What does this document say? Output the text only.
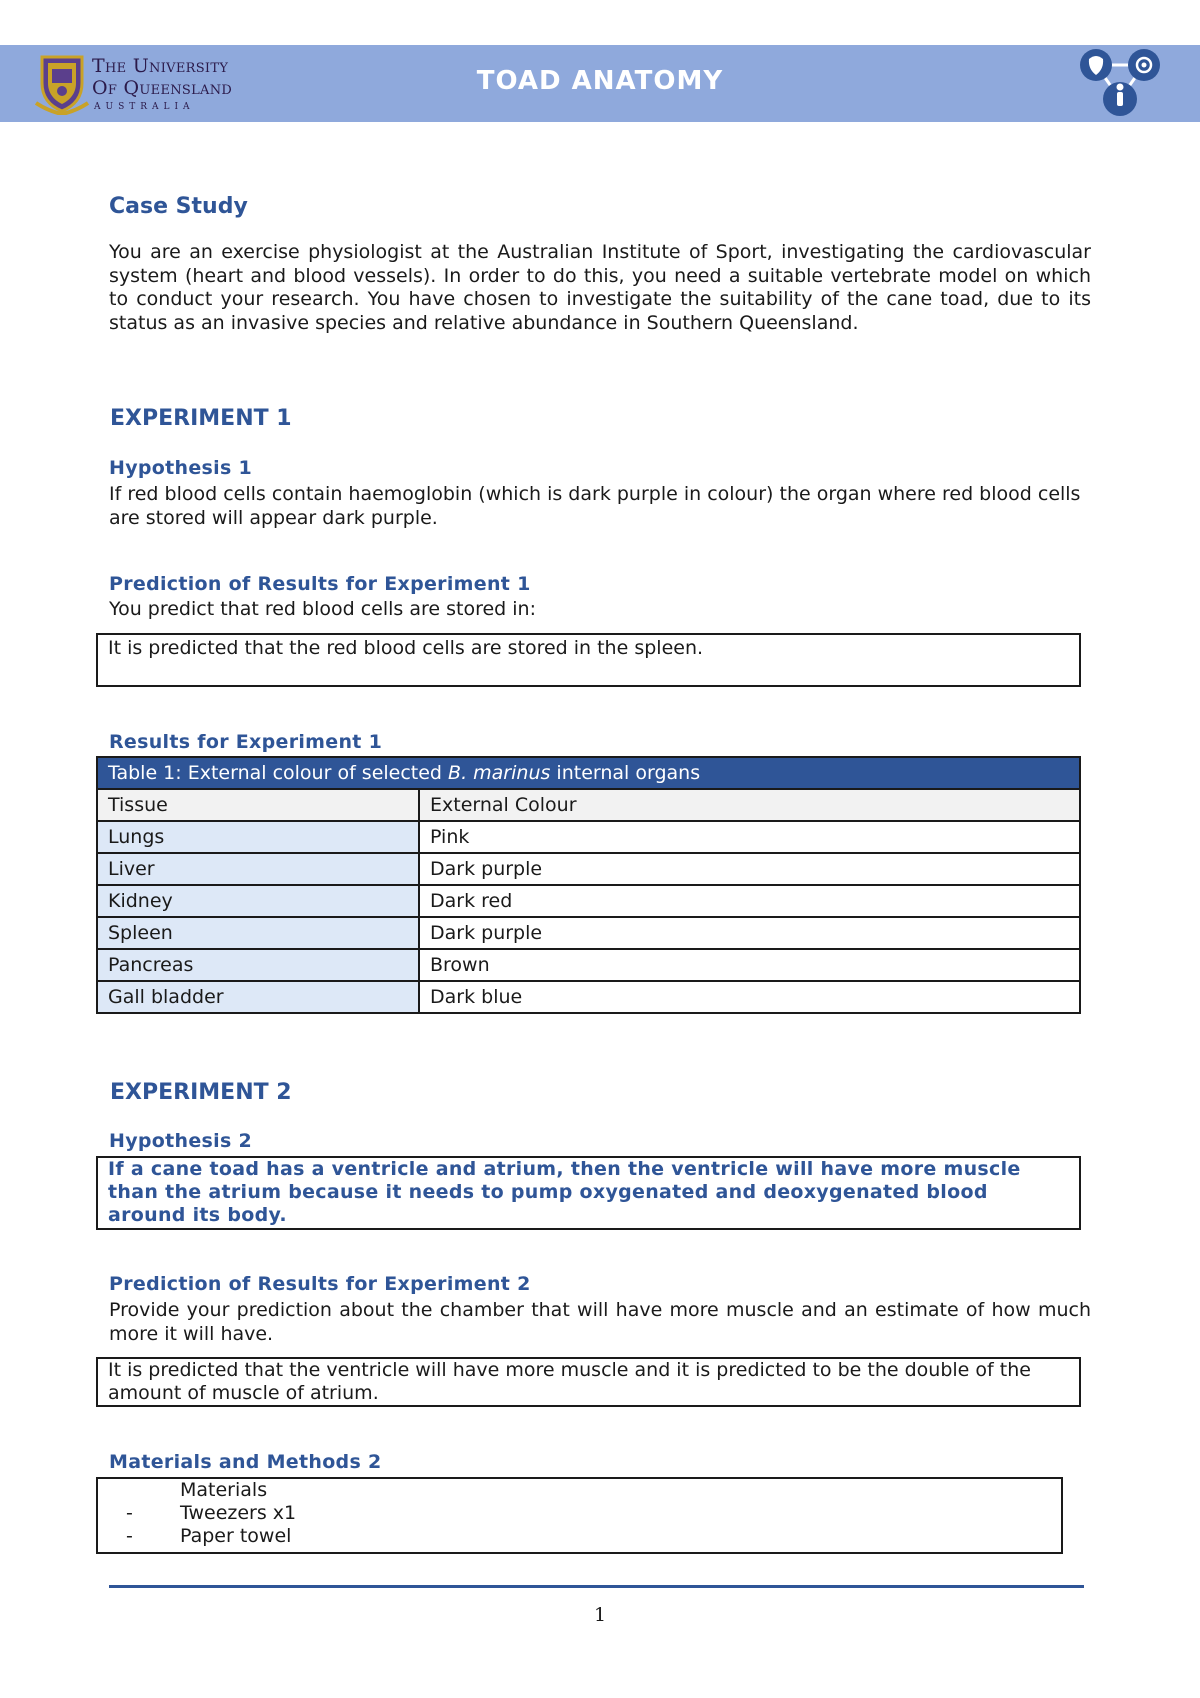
The University
Of Queensland
AUSTRALIA
TOAD ANATOMY
Case Study
You are an exercise physiologist at the Australian Institute of Sport, investigating the cardiovascular system (heart and blood vessels). In order to do this, you need a suitable vertebrate model on which to conduct your research. You have chosen to investigate the suitability of the cane toad, due to its status as an invasive species and relative abundance in Southern Queensland.
EXPERIMENT 1
Hypothesis 1
If red blood cells contain haemoglobin (which is dark purple in colour) the organ where red blood cells are stored will appear dark purple.
Prediction of Results for Experiment 1
You predict that red blood cells are stored in:
It is predicted that the red blood cells are stored in the spleen.
Results for Experiment 1
Table 1: External colour of selected B. marinus internal organs	
Tissue	External Colour
Lungs	Pink
Liver	Dark purple
Kidney	Dark red
Spleen	Dark purple
Pancreas	Brown
Gall bladder	Dark blue
EXPERIMENT 2
Hypothesis 2
If a cane toad has a ventricle and atrium, then the ventricle will have more muscle than the atrium because it needs to pump oxygenated and deoxygenated blood around its body.
Prediction of Results for Experiment 2
Provide your prediction about the chamber that will have more muscle and an estimate of how much more it will have.
It is predicted that the ventricle will have more muscle and it is predicted to be the double of the amount of muscle of atrium.
Materials and Methods 2
Materials
- Tweezers x1
- Paper towel
1
